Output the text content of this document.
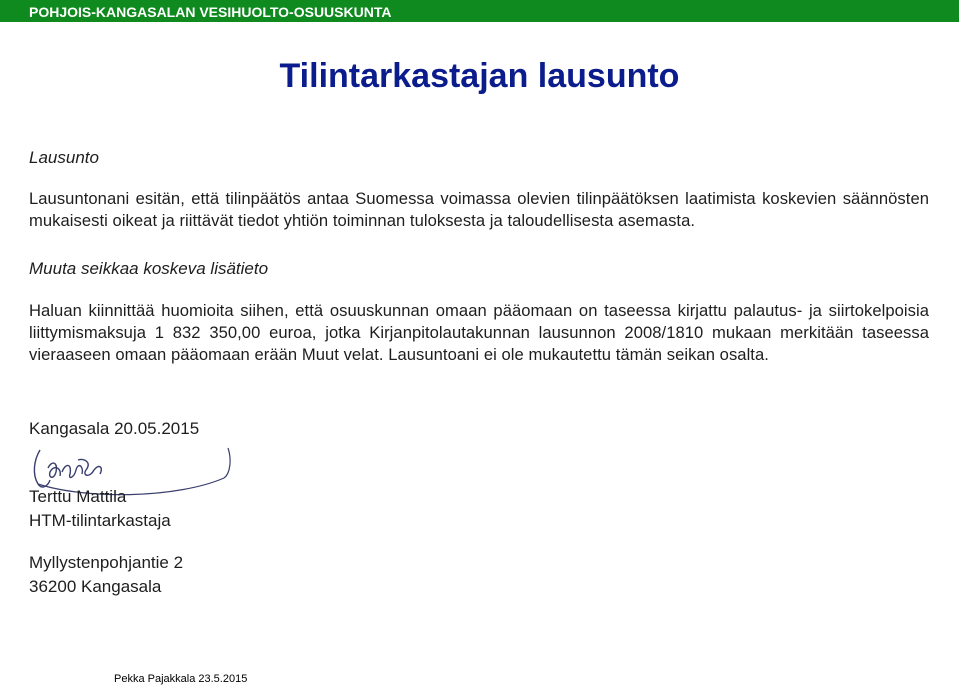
POHJOIS-KANGASALAN VESIHUOLTO-OSUUSKUNTA
Tilintarkastajan lausunto
Lausunto
Lausuntonani esitän, että tilinpäätös antaa Suomessa voimassa olevien tilinpäätöksen laatimista koskevien säännösten mukaisesti oikeat ja riittävät tiedot yhtiön toiminnan tuloksesta ja taloudellisesta asemasta.
Muuta seikkaa koskeva lisätieto
Haluan kiinnittää huomioita siihen, että osuuskunnan omaan pääomaan on taseessa kirjattu palautus- ja siirtokelpoisia liittymismaksuja 1 832 350,00 euroa, jotka Kirjanpitolautakunnan lausunnon 2008/1810 mukaan merkitään taseessa vieraaseen omaan pääomaan erään Muut velat. Lausuntoani ei ole mukautettu tämän seikan osalta.
Kangasala 20.05.2015
Terttu Mattila
HTM-tilintarkastaja
Myllystenpohjantie 2
36200 Kangasala
Pekka Pajakkala 23.5.2015
